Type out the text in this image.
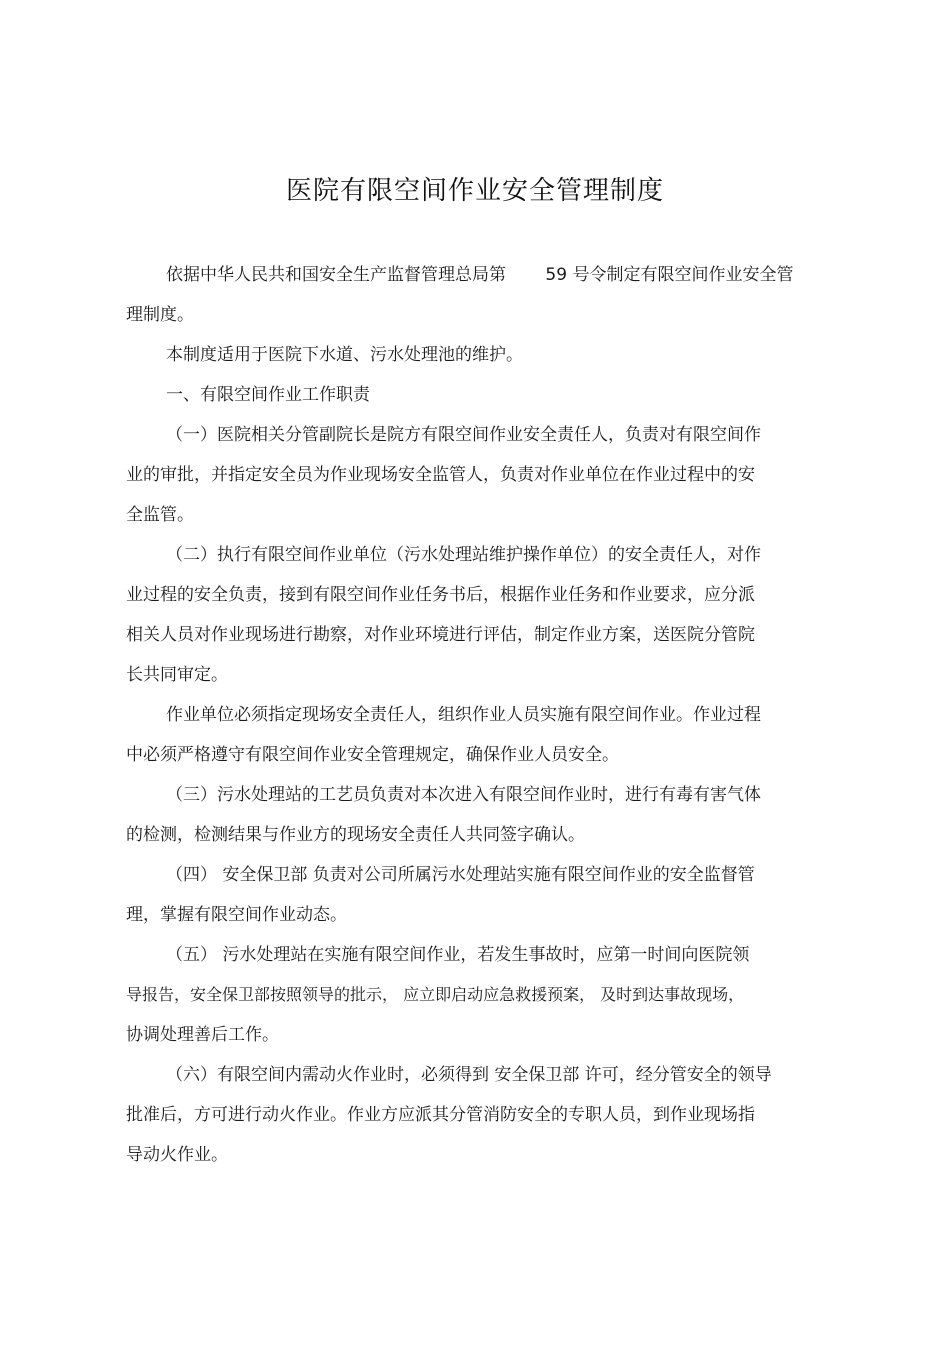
医院有限空间作业安全管理制度
依据中华人民共和国安全生产监督管理总局第　　 59 号令制定有限空间作业安全管
理制度。
本制度适用于医院下水道、污水处理池的维护。
一、有限空间作业工作职责
（一）医院相关分管副院长是院方有限空间作业安全责任人，负责对有限空间作
业的审批，并指定安全员为作业现场安全监管人，负责对作业单位在作业过程中的安
全监管。
（二）执行有限空间作业单位（污水处理站维护操作单位）的安全责任人，对作
业过程的安全负责，接到有限空间作业任务书后，根据作业任务和作业要求，应分派
相关人员对作业现场进行勘察，对作业环境进行评估，制定作业方案，送医院分管院
长共同审定。
作业单位必须指定现场安全责任人，组织作业人员实施有限空间作业。作业过程
中必须严格遵守有限空间作业安全管理规定，确保作业人员安全。
（三）污水处理站的工艺员负责对本次进入有限空间作业时，进行有毒有害气体
的检测，检测结果与作业方的现场安全责任人共同签字确认。
（四） 安全保卫部 负责对公司所属污水处理站实施有限空间作业的安全监督管
理，掌握有限空间作业动态。
（五） 污水处理站在实施有限空间作业，若发生事故时，应第一时间向医院领
导报告，安全保卫部按照领导的批示， 应立即启动应急救援预案， 及时到达事故现场，
协调处理善后工作。
（六）有限空间内需动火作业时，必须得到 安全保卫部 许可，经分管安全的领导
批准后，方可进行动火作业。作业方应派其分管消防安全的专职人员，到作业现场指
导动火作业。
